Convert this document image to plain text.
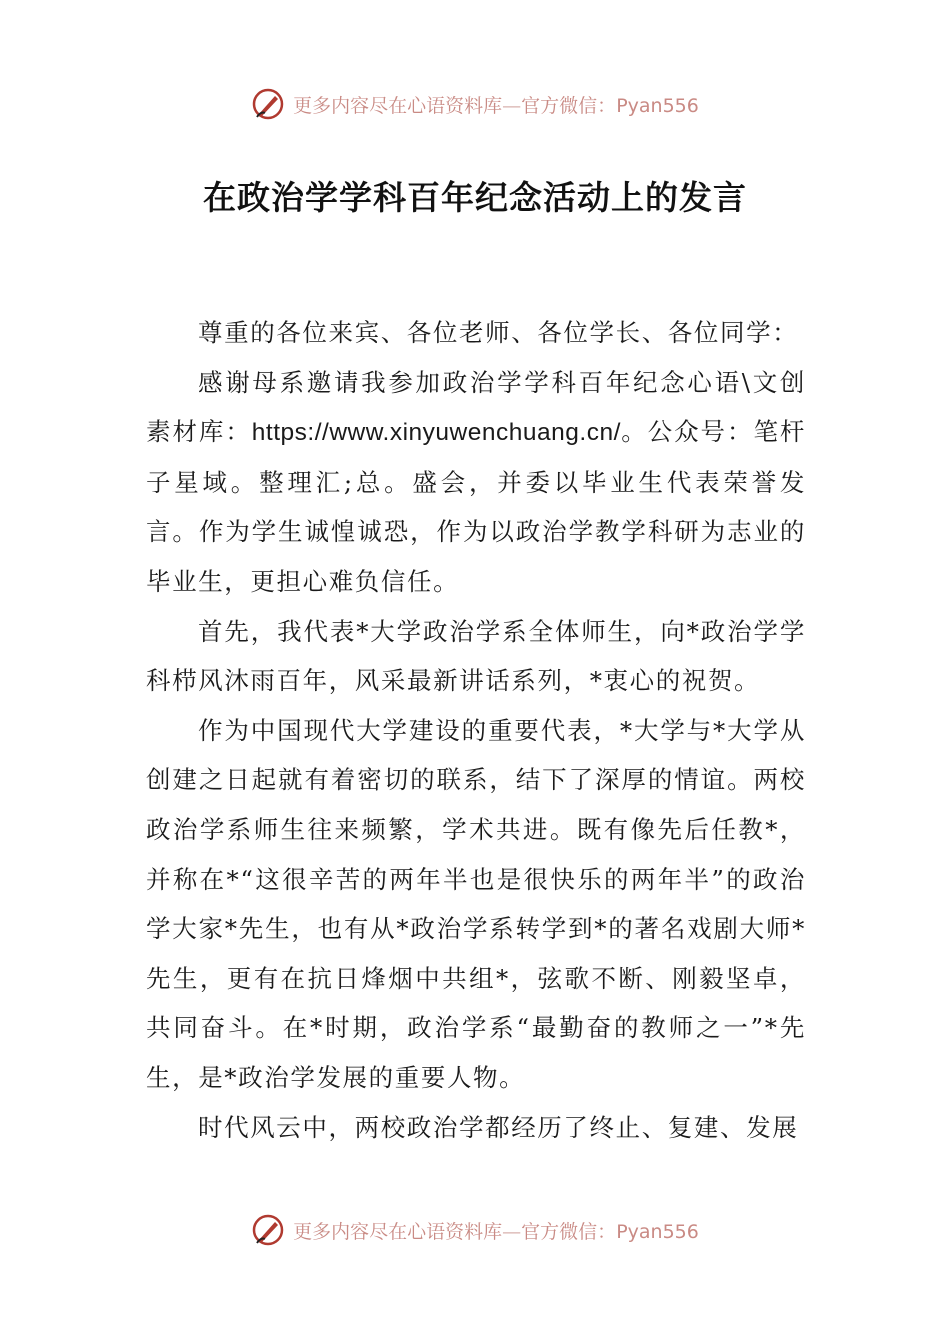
更多内容尽在心语资料库—官方微信：Pyan556
在政治学学科百年纪念活动上的发言

尊重的各位来宾、各位老师、各位学长、各位同学：

感谢母系邀请我参加政治学学科百年纪念心语\文创素材库：https://www.xinyuwenchuang.cn/。公众号：笔杆子星域。整理汇;总。盛会，并委以毕业生代表荣誉发言。作为学生诚惶诚恐，作为以政治学教学科研为志业的毕业生，更担心难负信任。

首先，我代表*大学政治学系全体师生，向*政治学学科栉风沐雨百年，风采最新讲话系列，*衷心的祝贺。

作为中国现代大学建设的重要代表，*大学与*大学从创建之日起就有着密切的联系，结下了深厚的情谊。两校政治学系师生往来频繁，学术共进。既有像先后任教*，并称在*“这很辛苦的两年半也是很快乐的两年半”的政治学大家*先生，也有从*政治学系转学到*的著名戏剧大师*先生，更有在抗日烽烟中共组*，弦歌不断、刚毅坚卓，共同奋斗。在*时期，政治学系“最勤奋的教师之一”*先生，是*政治学发展的重要人物。

时代风云中，两校政治学都经历了终止、复建、发展

更多内容尽在心语资料库—官方微信：Pyan556
